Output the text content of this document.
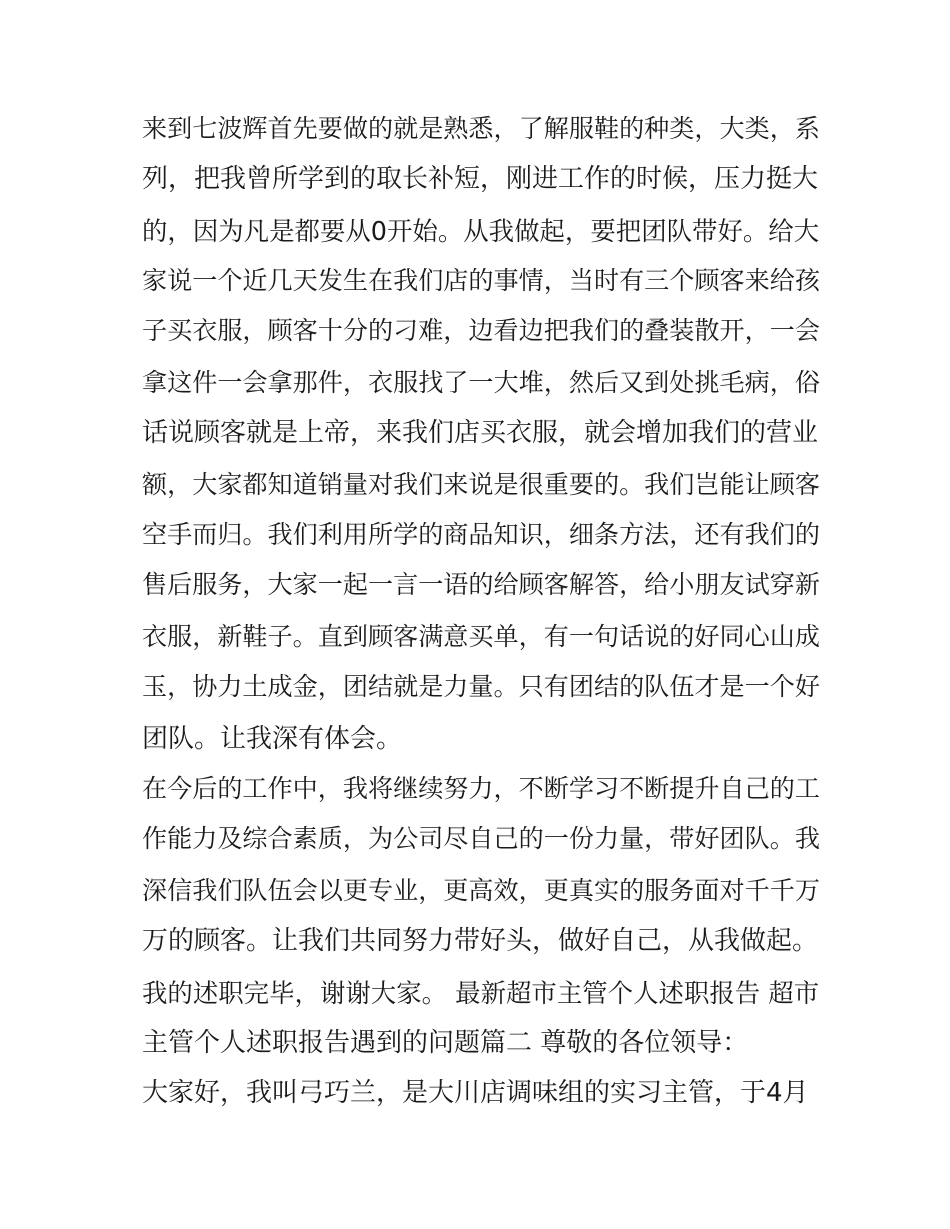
来到七波辉首先要做的就是熟悉，了解服鞋的种类，大类，系
列，把我曾所学到的取长补短，刚进工作的时候，压力挺大
的，因为凡是都要从0开始。从我做起，要把团队带好。给大
家说一个近几天发生在我们店的事情，当时有三个顾客来给孩
子买衣服，顾客十分的刁难，边看边把我们的叠装散开，一会
拿这件一会拿那件，衣服找了一大堆，然后又到处挑毛病，俗
话说顾客就是上帝，来我们店买衣服，就会增加我们的营业
额，大家都知道销量对我们来说是很重要的。我们岂能让顾客
空手而归。我们利用所学的商品知识，细条方法，还有我们的
售后服务，大家一起一言一语的给顾客解答，给小朋友试穿新
衣服，新鞋子。直到顾客满意买单，有一句话说的好同心山成
玉，协力土成金，团结就是力量。只有团结的队伍才是一个好
团队。让我深有体会。
在今后的工作中，我将继续努力，不断学习不断提升自己的工
作能力及综合素质，为公司尽自己的一份力量，带好团队。我
深信我们队伍会以更专业，更高效，更真实的服务面对千千万
万的顾客。让我们共同努力带好头，做好自己，从我做起。
我的述职完毕，谢谢大家。 最新超市主管个人述职报告 超市
主管个人述职报告遇到的问题篇二 尊敬的各位领导：
大家好，我叫弓巧兰，是大川店调味组的实习主管，于4月
